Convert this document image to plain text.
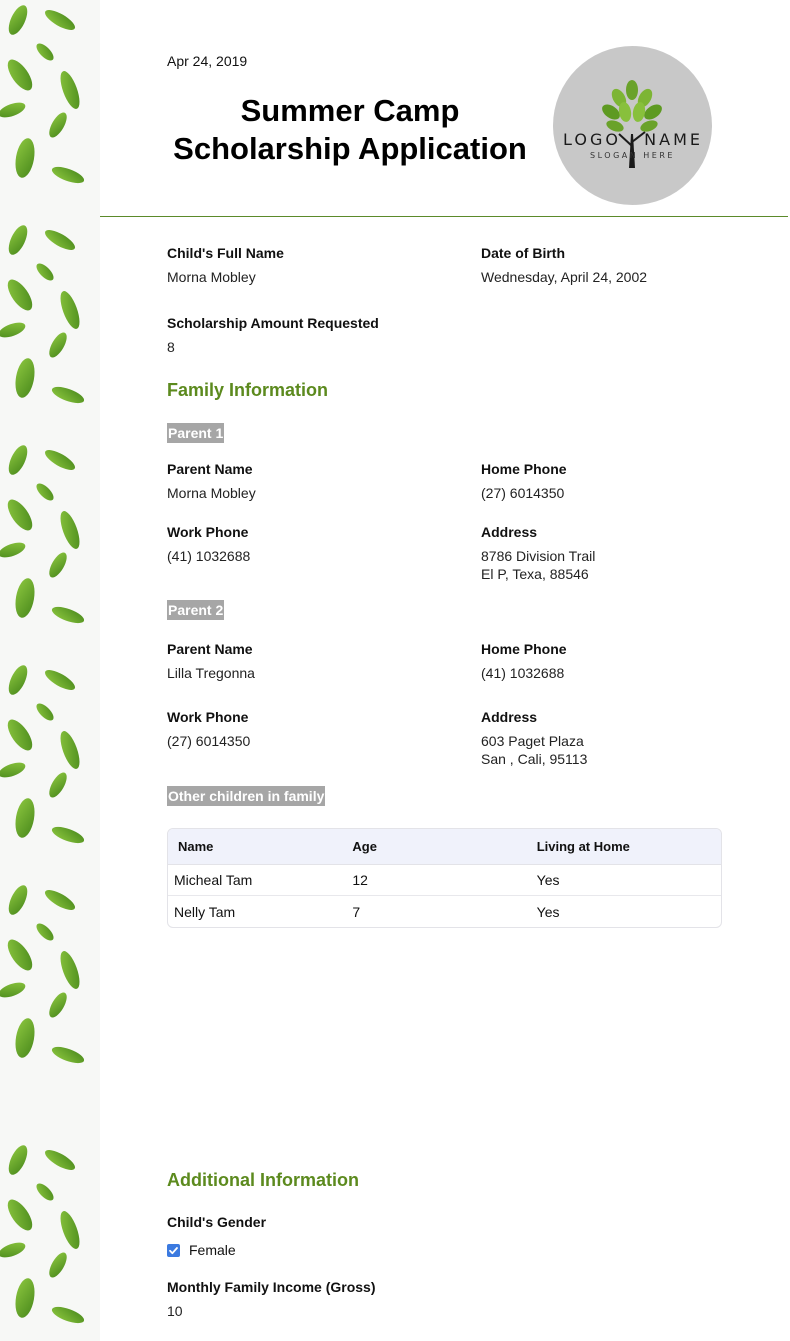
Apr 24, 2019
Summer Camp
Scholarship Application	LOGO NAME
SLOGAN HERE
Child's Full Name
Morna Mobley
Date of Birth
Wednesday, April 24, 2002
Scholarship Amount Requested
8
Family Information
Parent 1
Parent Name
Morna Mobley
Home Phone
(27) 6014350
Work Phone
(41) 1032688
Address
8786 Division Trail
El P, Texa, 88546
Parent 2
Parent Name
Lilla Tregonna
Home Phone
(41) 1032688
Work Phone
(27) 6014350
Address
603 Paget Plaza
San , Cali, 95113
Other children in family
Name	Age	Living at Home
Micheal Tam	12	Yes
Nelly Tam	7	Yes
Additional Information
Child's Gender
Female
Monthly Family Income (Gross)
10
